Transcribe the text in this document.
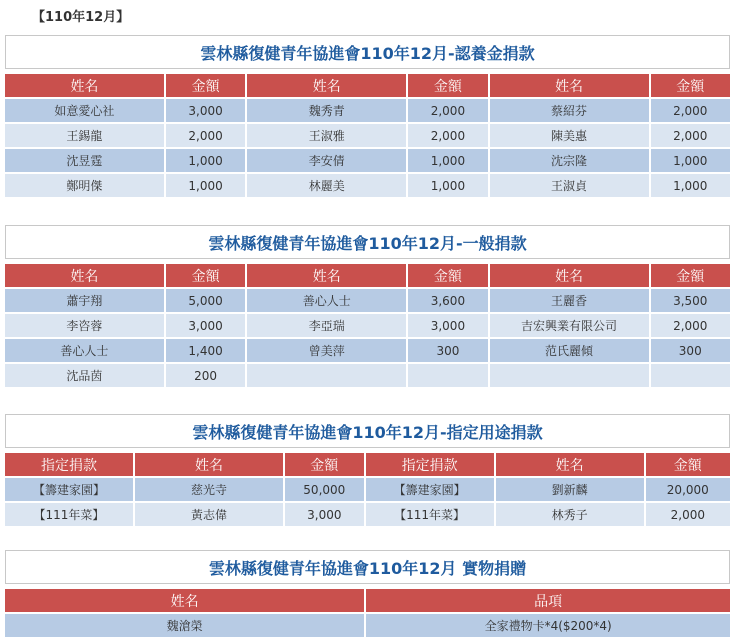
【110年12月】
雲林縣復健青年協進會110年12月-認養金捐款
姓名	金額	姓名	金額	姓名	金額
如意愛心社	3,000	魏秀青	2,000	蔡紹芬	2,000
王錫龍	2,000	王淑雅	2,000	陳美惠	2,000
沈昱霆	1,000	李安倩	1,000	沈宗隆	1,000
鄭明傑	1,000	林麗美	1,000	王淑貞	1,000
雲林縣復健青年協進會110年12月-一般捐款
姓名	金額	姓名	金額	姓名	金額
蕭宇翔	5,000	善心人士	3,600	王麗香	3,500
李咨蓉	3,000	李亞瑞	3,000	吉宏興業有限公司	2,000
善心人士	1,400	曾美萍	300	范氏麗傾	300
沈品茵	200				
雲林縣復健青年協進會110年12月-指定用途捐款
指定捐款	姓名	金額	指定捐款	姓名	金額
【籌建家園】	慈光寺	50,000	【籌建家園】	劉新麟	20,000
【111年菜】	黃志偉	3,000	【111年菜】	林秀子	2,000
雲林縣復健青年協進會110年12月 實物捐贈
姓名	品項
魏滄榮	全家禮物卡*4($200*4)
